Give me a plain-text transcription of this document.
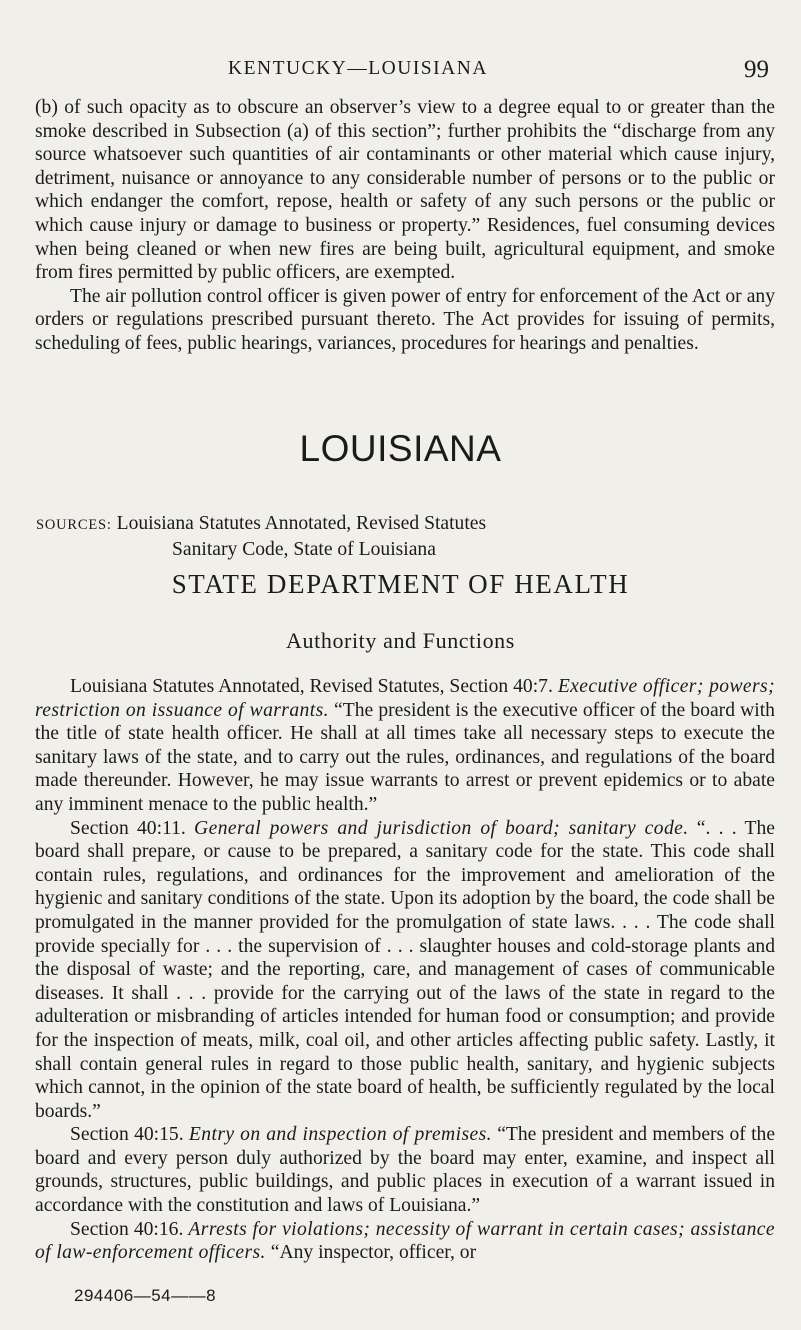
KENTUCKY—LOUISIANA	99

(b) of such opacity as to obscure an observer’s view to a degree equal to or greater than the smoke described in Subsection (a) of this section”; further prohibits the “discharge from any source whatsoever such quantities of air contaminants or other material which cause injury, detriment, nuisance or annoyance to any considerable number of persons or to the public or which endanger the comfort, repose, health or safety of any such persons or the public or which cause injury or damage to business or property.” Residences, fuel consuming devices when being cleaned or when new fires are being built, agricultural equipment, and smoke from fires permitted by public officers, are exempted.

The air pollution control officer is given power of entry for enforcement of the Act or any orders or regulations prescribed pursuant thereto. The Act provides for issuing of permits, scheduling of fees, public hearings, variances, procedures for hearings and penalties.

LOUISIANA
SOURCES: Louisiana Statutes Annotated, Revised Statutes
Sanitary Code, State of Louisiana
STATE DEPARTMENT OF HEALTH
Authority and Functions

Louisiana Statutes Annotated, Revised Statutes, Section 40:7. Executive officer; powers; restriction on issuance of warrants. “The president is the executive officer of the board with the title of state health officer. He shall at all times take all necessary steps to execute the sanitary laws of the state, and to carry out the rules, ordinances, and regulations of the board made thereunder. However, he may issue warrants to arrest or prevent epidemics or to abate any imminent menace to the public health.”

Section 40:11. General powers and jurisdiction of board; sanitary code. “. . . The board shall prepare, or cause to be prepared, a sanitary code for the state. This code shall contain rules, regulations, and ordinances for the improvement and amelioration of the hygienic and sanitary conditions of the state. Upon its adoption by the board, the code shall be promulgated in the manner provided for the promulgation of state laws. . . . The code shall provide specially for . . . the supervision of . . . slaughter houses and cold-storage plants and the disposal of waste; and the reporting, care, and management of cases of communicable diseases. It shall . . . provide for the carrying out of the laws of the state in regard to the adulteration or misbranding of articles intended for human food or consumption; and provide for the inspection of meats, milk, coal oil, and other articles affecting public safety. Lastly, it shall contain general rules in regard to those public health, sanitary, and hygienic subjects which cannot, in the opinion of the state board of health, be sufficiently regulated by the local boards.”

Section 40:15. Entry on and inspection of premises. “The president and members of the board and every person duly authorized by the board may enter, examine, and inspect all grounds, structures, public buildings, and public places in execution of a warrant issued in accordance with the constitution and laws of Louisiana.”

Section 40:16. Arrests for violations; necessity of warrant in certain cases; assistance of law-enforcement officers. “Any inspector, officer, or

294406—54——8
